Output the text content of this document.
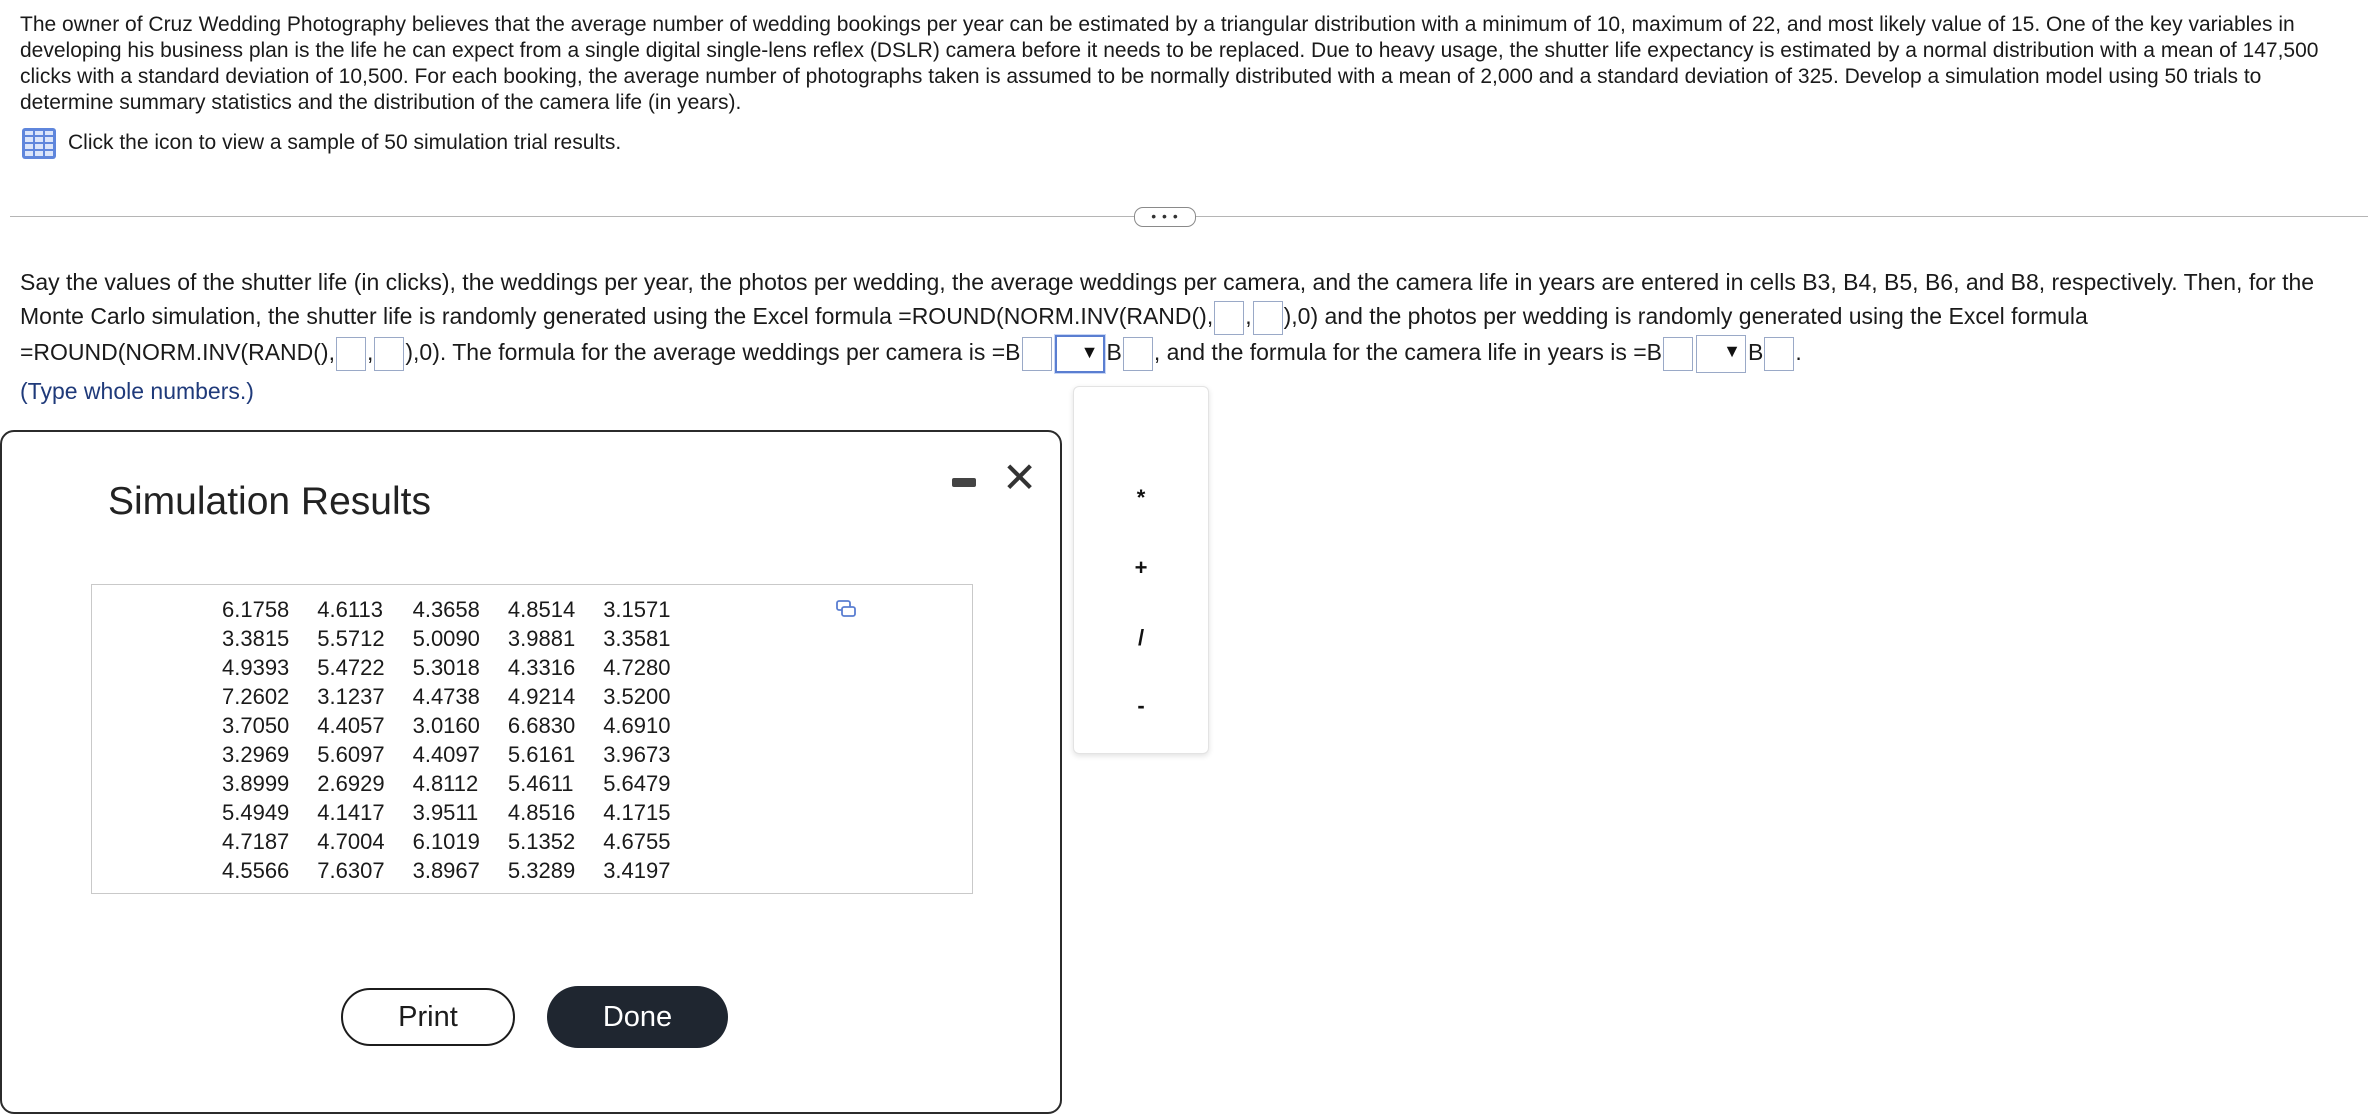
The owner of Cruz Wedding Photography believes that the average number of wedding bookings per year can be estimated by a triangular distribution with a minimum of 10, maximum of 22, and most likely value of 15. One of the key variables in developing his business plan is the life he can expect from a single digital single-lens reflex (DSLR) camera before it needs to be replaced. Due to heavy usage, the shutter life expectancy is estimated by a normal distribution with a mean of 147,500 clicks with a standard deviation of 10,500. For each booking, the average number of photographs taken is assumed to be normally distributed with a mean of 2,000 and a standard deviation of 325. Develop a simulation model using 50 trials to determine summary statistics and the distribution of the camera life (in years).
Click the icon to view a sample of 50 simulation trial results.
• • •
Say the values of the shutter life (in clicks), the weddings per year, the photos per wedding, the average weddings per camera, and the camera life in years are entered in cells B3, B4, B5, B6, and B8, respectively. Then, for the Monte Carlo simulation, the shutter life is randomly generated using the Excel formula =ROUND(NORM.INV(RAND(), , ),0) and the photos per wedding is randomly generated using the Excel formula
=ROUND(NORM.INV(RAND(), , ),0). The formula for the average weddings per camera is =B	▼ B , and the formula for the camera life in years is =B	▼ B .
(Type whole numbers.)
*
+
/
-
Simulation Results
✕
6.1758	4.6113	4.3658	4.8514	3.1571
3.3815	5.5712	5.0090	3.9881	3.3581
4.9393	5.4722	5.3018	4.3316	4.7280
7.2602	3.1237	4.4738	4.9214	3.5200
3.7050	4.4057	3.0160	6.6830	4.6910
3.2969	5.6097	4.4097	5.6161	3.9673
3.8999	2.6929	4.8112	5.4611	5.6479
5.4949	4.1417	3.9511	4.8516	4.1715
4.7187	4.7004	6.1019	5.1352	4.6755
4.5566	7.6307	3.8967	5.3289	3.4197
Print	Done
